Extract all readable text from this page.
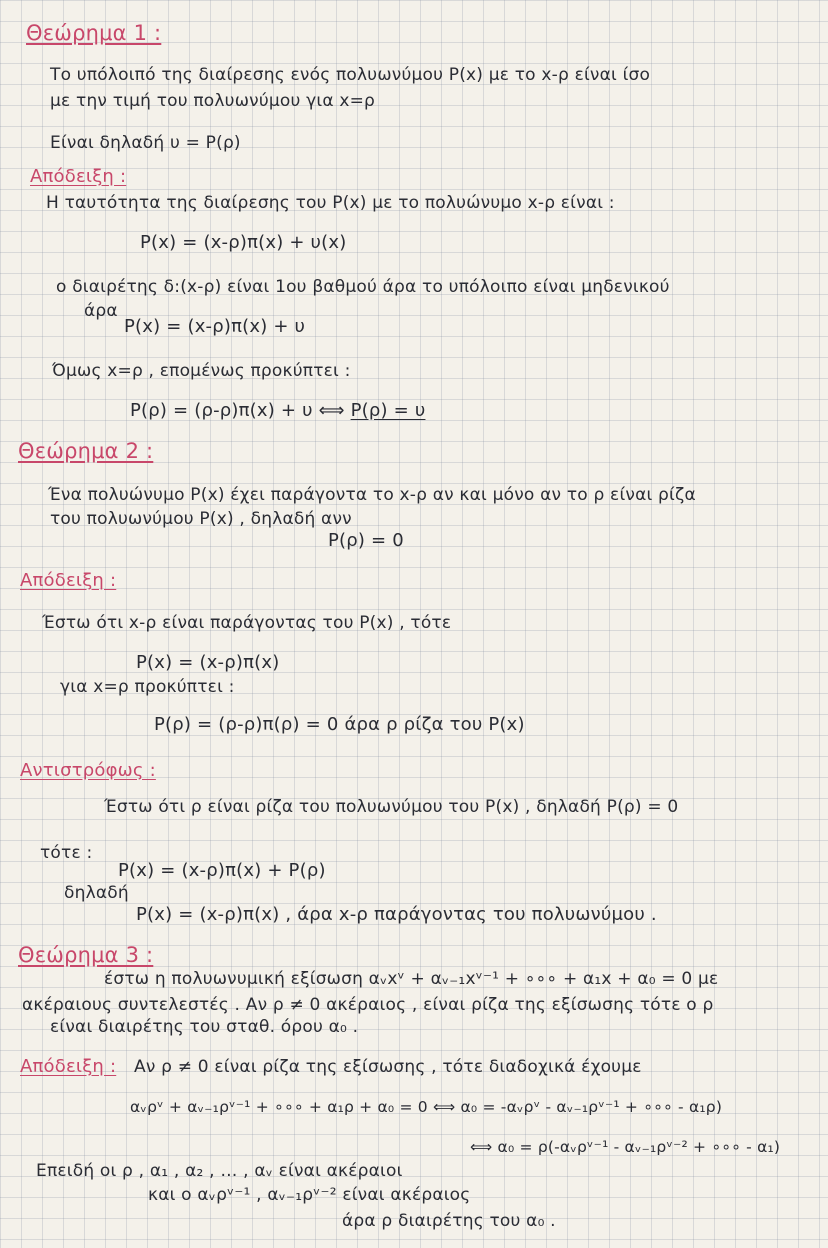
Θεώρημα 1 :
Το υπόλοιπό της διαίρεσης ενός πολυωνύμου P(x) με το x-ρ είναι ίσο
με την τιμή του πολυωνύμου για x=ρ
Είναι δηλαδή υ = P(ρ)
Απόδειξη :
Η ταυτότητα της διαίρεσης του P(x) με το πολυώνυμο x-ρ είναι :
P(x) = (x-ρ)π(x) + υ(x)
ο διαιρέτης δ:(x-ρ) είναι 1ου βαθμού άρα το υπόλοιπο είναι μηδενικού
άρα
P(x) = (x-ρ)π(x) + υ
Όμως x=ρ , επομένως προκύπτει :
P(ρ) = (ρ-ρ)π(x) + υ ⟺ P(ρ) = υ
Θεώρημα 2 :
Ένα πολυώνυμο P(x) έχει παράγοντα το x-ρ αν και μόνο αν το ρ είναι ρίζα
του πολυωνύμου P(x) , δηλαδή ανν
P(ρ) = 0
Απόδειξη :
Έστω ότι x-ρ είναι παράγοντας του P(x) , τότε
P(x) = (x-ρ)π(x)
για x=ρ προκύπτει :
P(ρ) = (ρ-ρ)π(ρ) = 0 άρα ρ ρίζα του P(x)
Αντιστρόφως :
Έστω ότι ρ είναι ρίζα του πολυωνύμου του P(x) , δηλαδή P(ρ) = 0
τότε :
P(x) = (x-ρ)π(x) + P(ρ)
δηλαδή
P(x) = (x-ρ)π(x) , άρα x-ρ παράγοντας του πολυωνύμου .
Θεώρημα 3 :
έστω η πολυωνυμική εξίσωση αᵥxᵛ + αᵥ₋₁xᵛ⁻¹ + ∘∘∘ + α₁x + α₀ = 0 με
ακέραιους συντελεστές . Αν ρ ≠ 0 ακέραιος , είναι ρίζα της εξίσωσης τότε ο ρ
είναι διαιρέτης του σταθ. όρου α₀ .
Απόδειξη : Αν ρ ≠ 0 είναι ρίζα της εξίσωσης , τότε διαδοχικά έχουμε
αᵥρᵛ + αᵥ₋₁ρᵛ⁻¹ + ∘∘∘ + α₁ρ + α₀ = 0 ⟺ α₀ = -αᵥρᵛ - αᵥ₋₁ρᵛ⁻¹ + ∘∘∘ - α₁ρ)
⟺ α₀ = ρ(-αᵥρᵛ⁻¹ - αᵥ₋₁ρᵛ⁻² + ∘∘∘ - α₁)
Επειδή οι ρ , α₁ , α₂ , … , αᵥ είναι ακέραιοι
και ο αᵥρᵛ⁻¹ , αᵥ₋₁ρᵛ⁻² είναι ακέραιος
άρα ρ διαιρέτης του α₀ .
